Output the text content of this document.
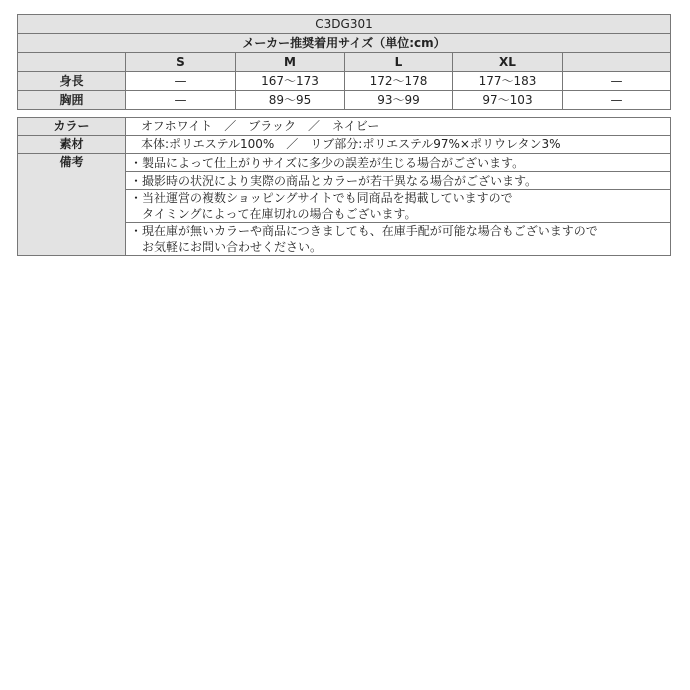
C3DG301					
メーカー推奨着用サイズ（単位:cm）					
	S	M	L	XL	
身長	—	167〜173	172〜178	177〜183	—
胸囲	—	89〜95	93〜99	97〜103	—
カラー	オフホワイト　／　ブラック　／　ネイビー
素材	本体:ポリエステル100%　／　リブ部分:ポリエステル97%×ポリウレタン3%
備考	・製品によって仕上がりサイズに多少の誤差が生じる場合がございます。

	・撮影時の状況により実際の商品とカラーが若干異なる場合がございます。

	・当社運営の複数ショッピングサイトでも同商品を掲載していますので
　タイミングによって在庫切れの場合もございます。

	・現在庫が無いカラーや商品につきましても、在庫手配が可能な場合もございますので
　お気軽にお問い合わせください。
